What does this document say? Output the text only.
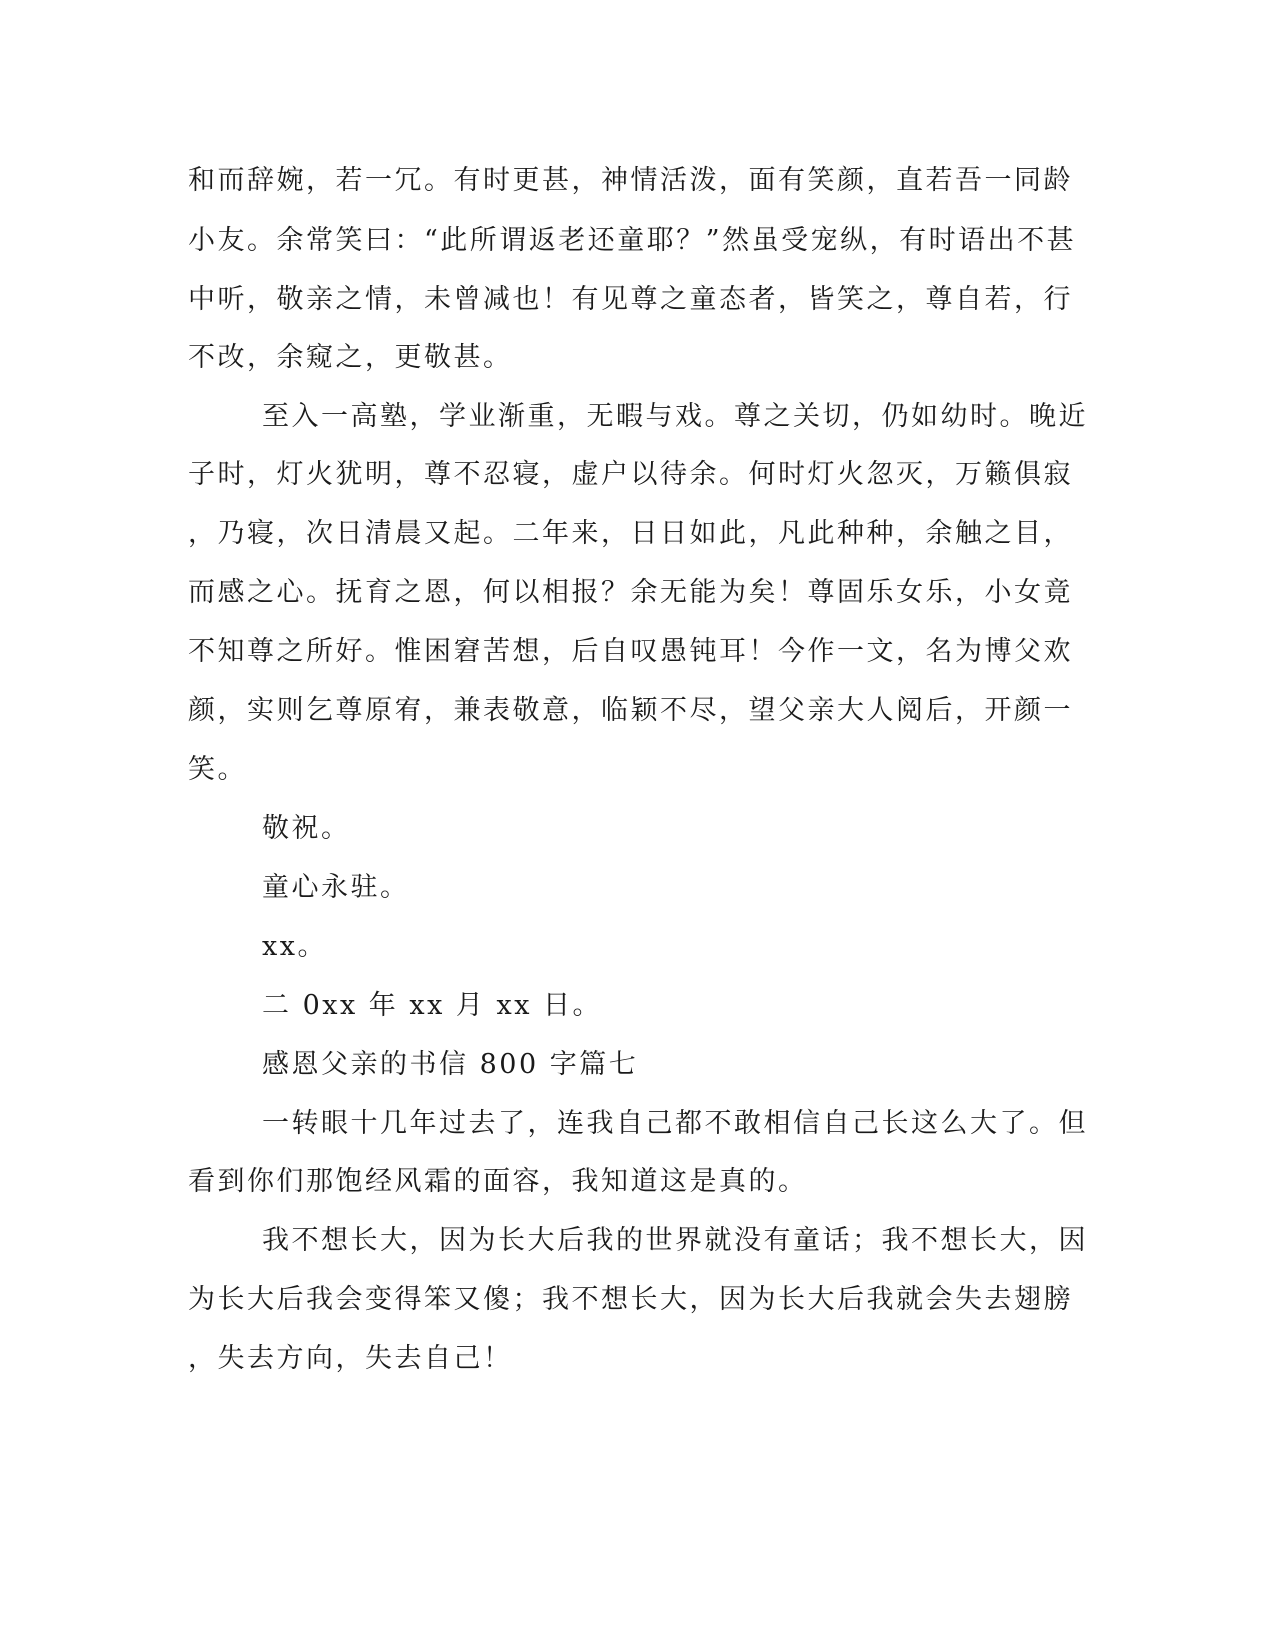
和而辞婉，若一冗。有时更甚，神情活泼，面有笑颜，直若吾一同龄
小友。余常笑曰：“此所谓返老还童耶？”然虽受宠纵，有时语出不甚
中听，敬亲之情，未曾减也！有见尊之童态者，皆笑之，尊自若，行
不改，余窥之，更敬甚。
至入一高塾，学业渐重，无暇与戏。尊之关切，仍如幼时。晚近
子时，灯火犹明，尊不忍寝，虚户以待余。何时灯火忽灭，万籁俱寂
，乃寝，次日清晨又起。二年来，日日如此，凡此种种，余触之目，
而感之心。抚育之恩，何以相报？余无能为矣！尊固乐女乐，小女竟
不知尊之所好。惟困窘苦想，后自叹愚钝耳！今作一文，名为博父欢
颜，实则乞尊原宥，兼表敬意，临颖不尽，望父亲大人阅后，开颜一
笑。
敬祝。
童心永驻。
xx。
二 0xx 年 xx 月 xx 日。
感恩父亲的书信 800 字篇七
一转眼十几年过去了，连我自己都不敢相信自己长这么大了。但
看到你们那饱经风霜的面容，我知道这是真的。
我不想长大，因为长大后我的世界就没有童话；我不想长大，因
为长大后我会变得笨又傻；我不想长大，因为长大后我就会失去翅膀
，失去方向，失去自己！
